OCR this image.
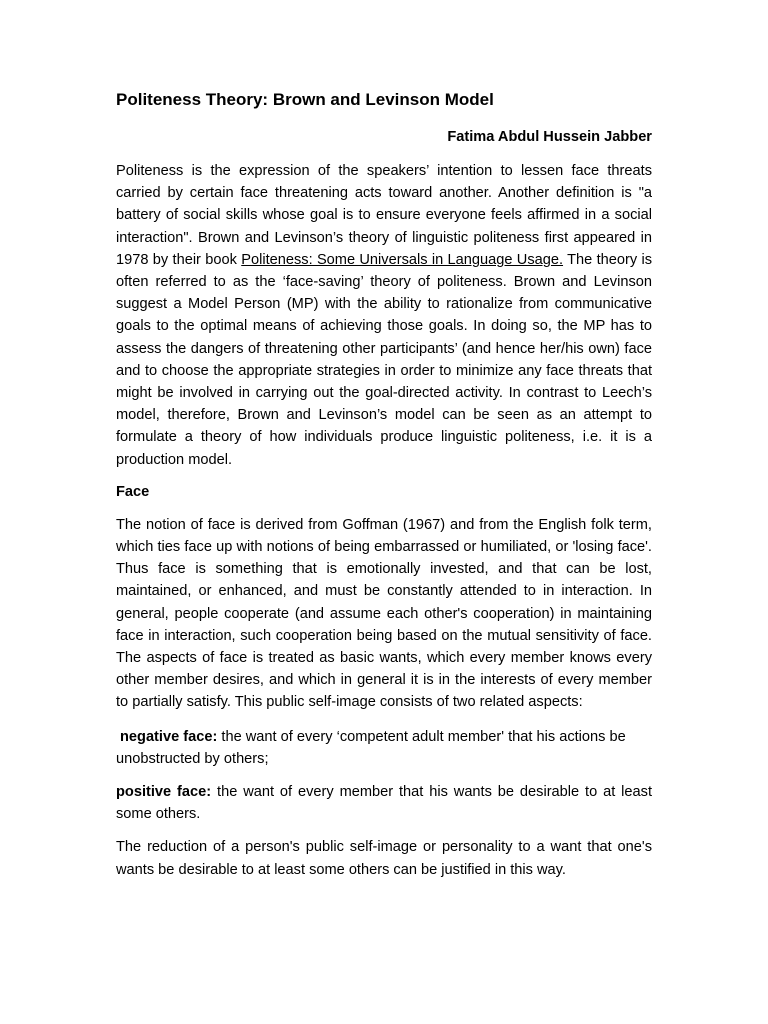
Politeness Theory: Brown and Levinson Model
Fatima Abdul Hussein Jabber

Politeness is the expression of the speakers’ intention to lessen face threats carried by certain face threatening acts toward another. Another definition is "a battery of social skills whose goal is to ensure everyone feels affirmed in a social interaction". Brown and Levinson’s theory of linguistic politeness first appeared in 1978 by their book Politeness: Some Universals in Language Usage. The theory is often referred to as the ‘face-saving’ theory of politeness. Brown and Levinson suggest a Model Person (MP) with the ability to rationalize from communicative goals to the optimal means of achieving those goals. In doing so, the MP has to assess the dangers of threatening other participants’ (and hence her/his own) face and to choose the appropriate strategies in order to minimize any face threats that might be involved in carrying out the goal-directed activity. In contrast to Leech’s model, therefore, Brown and Levinson’s model can be seen as an attempt to formulate a theory of how individuals produce linguistic politeness, i.e. it is a production model.

Face

The notion of face is derived from Goffman (1967) and from the English folk term, which ties face up with notions of being embarrassed or humiliated, or 'losing face'. Thus face is something that is emotionally invested, and that can be lost, maintained, or enhanced, and must be constantly attended to in interaction. In general, people cooperate (and assume each other's cooperation) in maintaining face in interaction, such cooperation being based on the mutual sensitivity of face. The aspects of face is treated as basic wants, which every member knows every other member desires, and which in general it is in the interests of every member to partially satisfy. This public self-image consists of two related aspects:

negative face: the want of every ‘competent adult member' that his actions be unobstructed by others;

positive face: the want of every member that his wants be desirable to at least some others.

The reduction of a person's public self-image or personality to a want that one's wants be desirable to at least some others can be justified in this way.
